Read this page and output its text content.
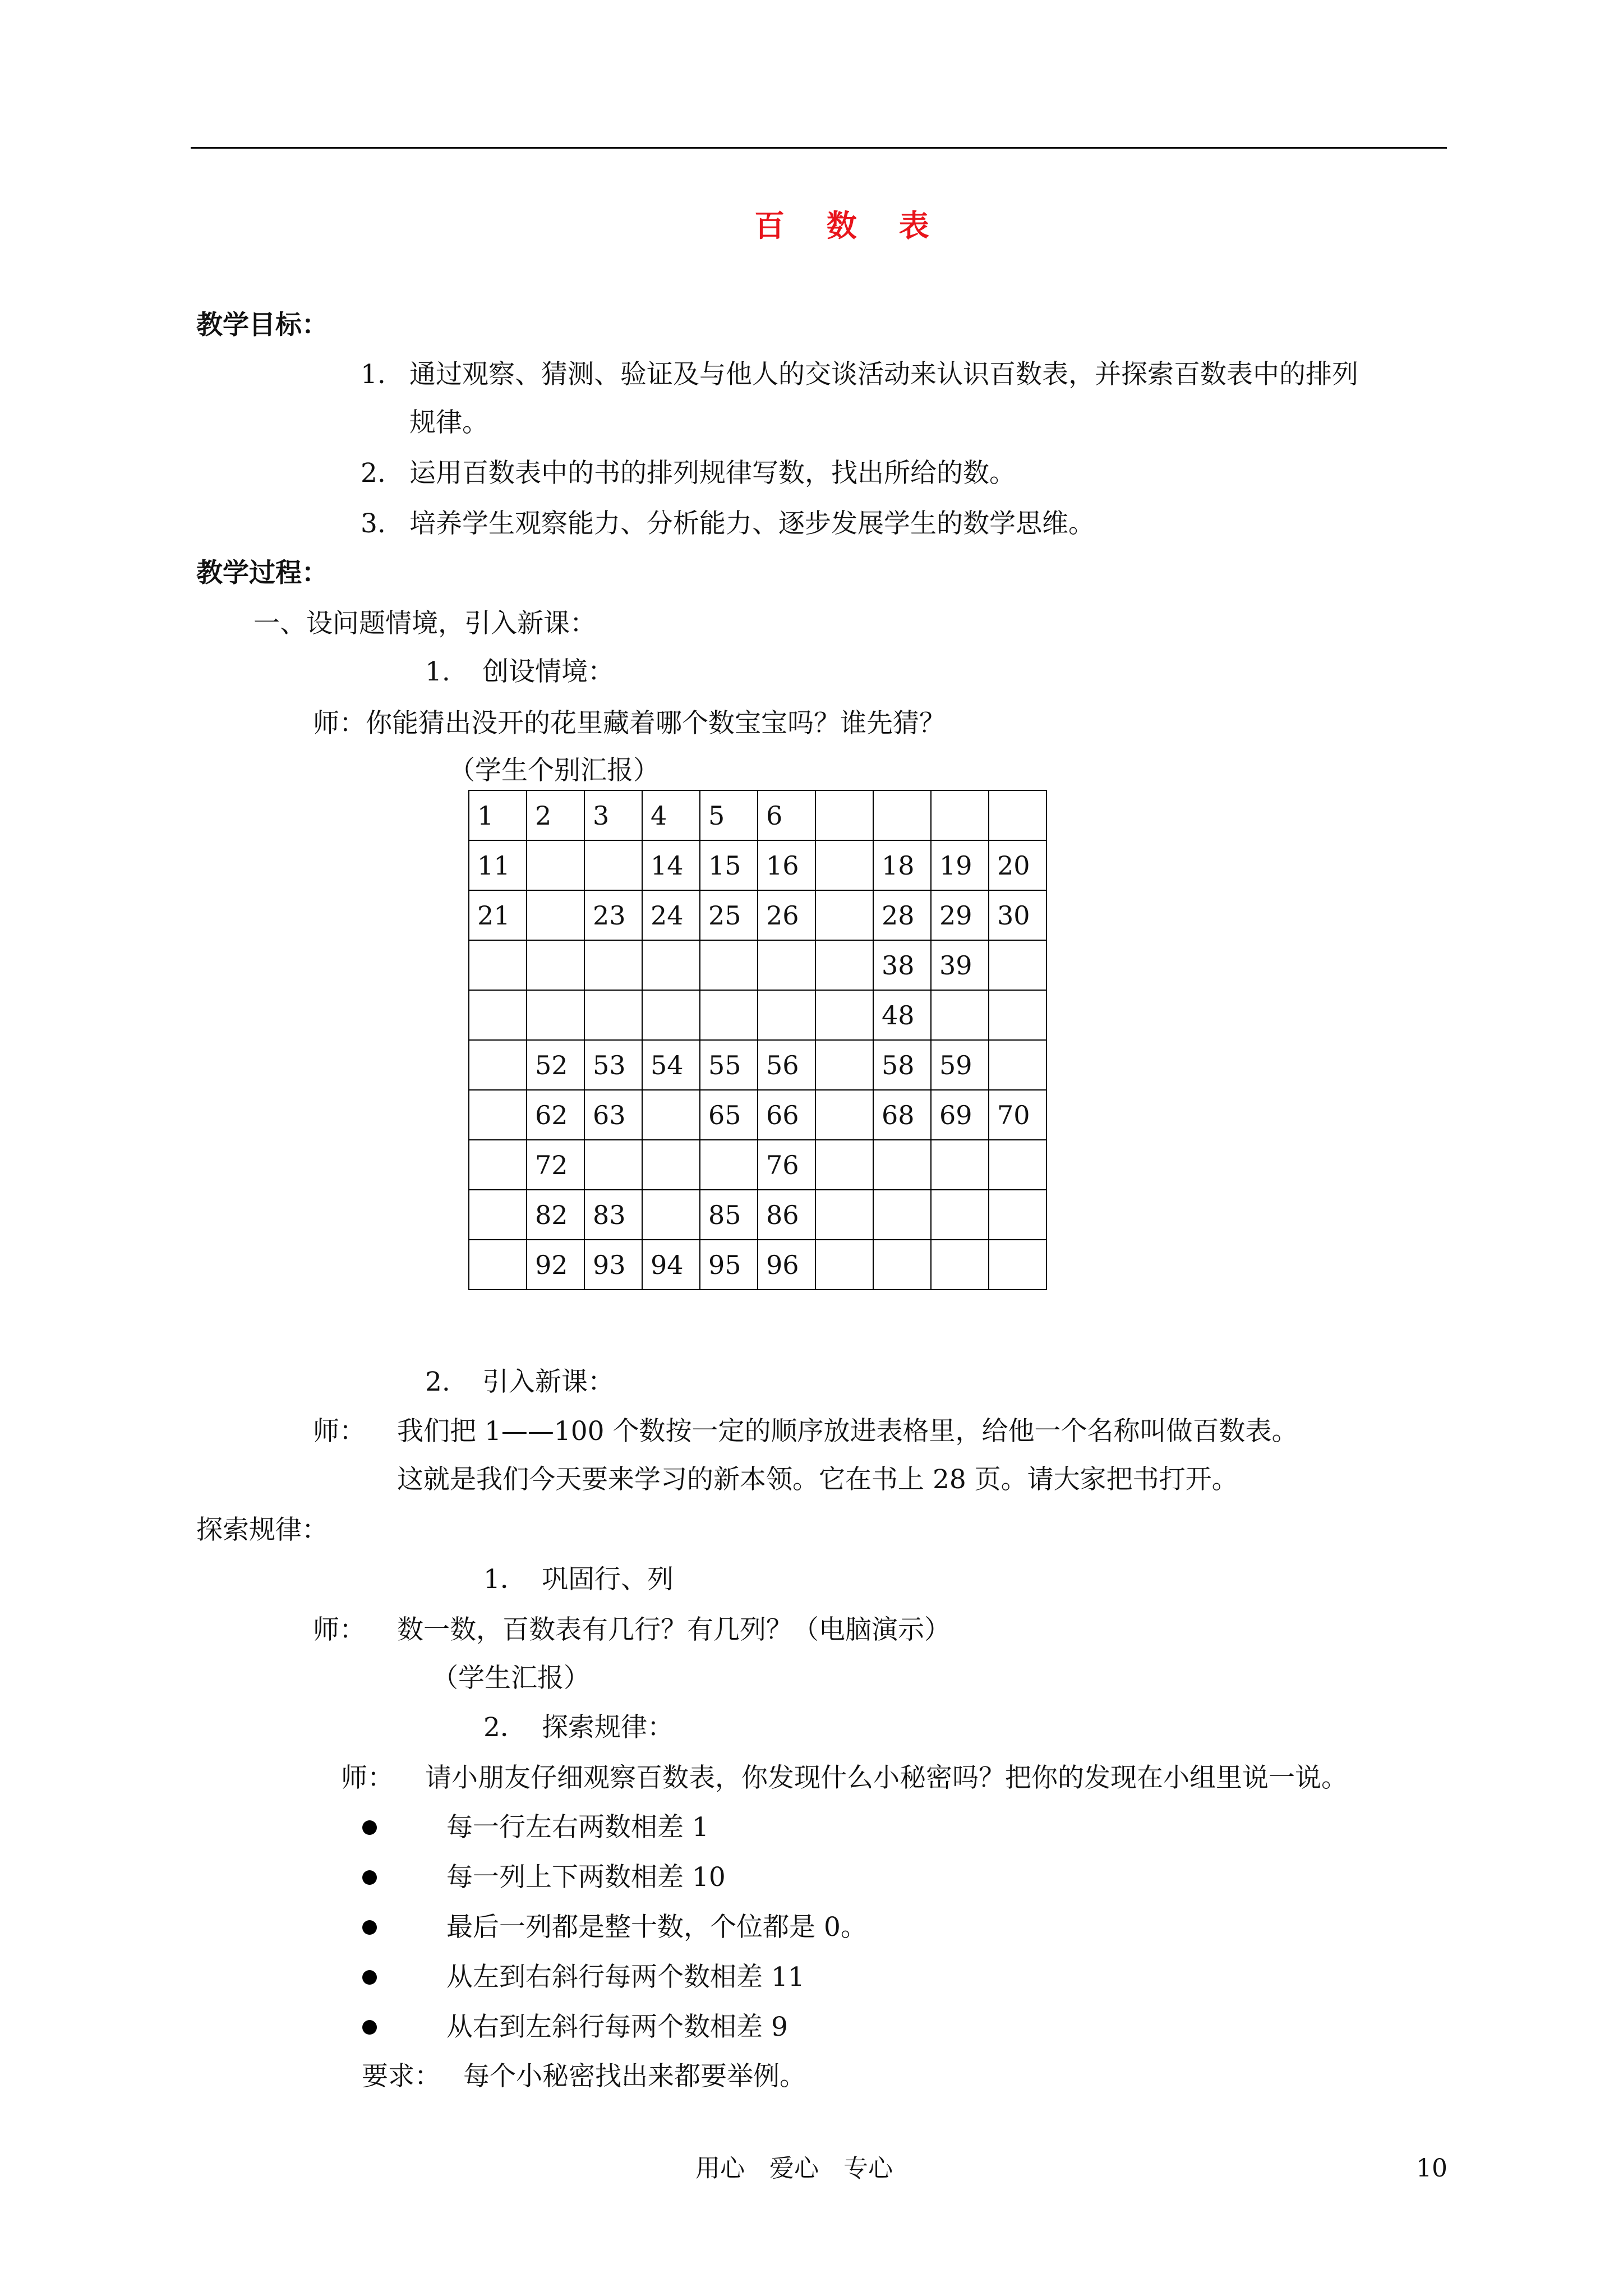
百 数 表
教学目标：
1. 通过观察、猜测、验证及与他人的交谈活动来认识百数表，并探索百数表中的排列
规律。
2. 运用百数表中的书的排列规律写数，找出所给的数。
3. 培养学生观察能力、分析能力、逐步发展学生的数学思维。
教学过程：
一、设问题情境，引入新课：
1. 创设情境：
师：你能猜出没开的花里藏着哪个数宝宝吗？谁先猜？
（学生个别汇报）
1	2	3	4	5	6				
11			14	15	16		18	19	20
21		23	24	25	26		28	29	30
							38	39	
							48		
	52	53	54	55	56		58	59	
	62	63		65	66		68	69	70
	72				76				
	82	83		85	86				
	92	93	94	95	96				
2. 引入新课：
师： 我们把 1——100 个数按一定的顺序放进表格里，给他一个名称叫做百数表。
这就是我们今天要来学习的新本领。它在书上 28 页。请大家把书打开。
探索规律：
1． 巩固行、列
师： 数一数，百数表有几行？有几列？（电脑演示）
（学生汇报）
2． 探索规律：
师： 请小朋友仔细观察百数表，你发现什么小秘密吗？把你的发现在小组里说一说。
每一行左右两数相差 1
每一列上下两数相差 10
最后一列都是整十数，个位都是 0。
从左到右斜行每两个数相差 11
从右到左斜行每两个数相差 9
要求： 每个小秘密找出来都要举例。
用心　爱心　专心	10
